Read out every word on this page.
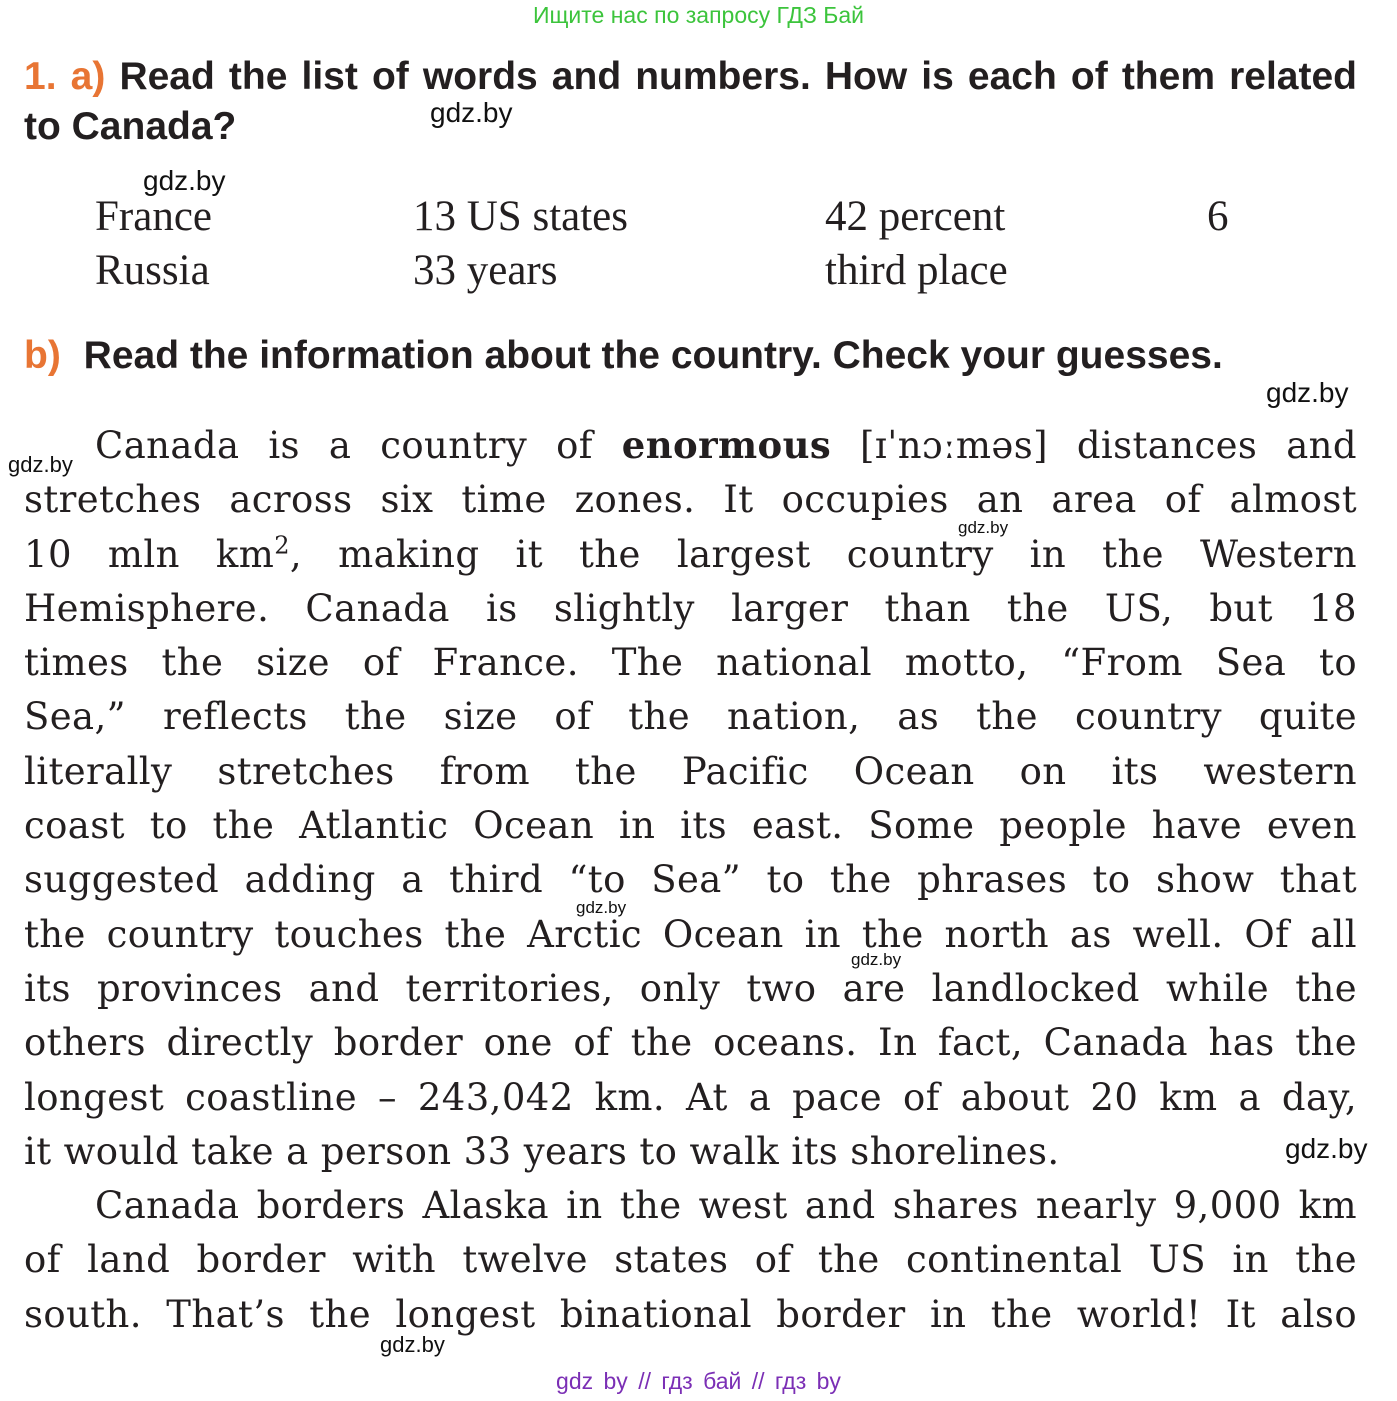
Ищите нас по запросу ГДЗ Бай
1. a) Read the list of words and numbers. How is each of them related to Canada?
France	13 US states	42 percent	6
Russia	33 years	third place
b) Read the information about the country. Check your guesses.
Canada is a country of enormous [ɪˈnɔːməs] distances and
stretches across six time zones. It occupies an area of almost
10 mln $km^2$, making it the largest country in the Western
Hemisphere. Canada is slightly larger than the US, but 18
times the size of France. The national motto, “From Sea to
Sea,” reflects the size of the nation, as the country quite
literally stretches from the Pacific Ocean on its western
coast to the Atlantic Ocean in its east. Some people have even
suggested adding a third “to Sea” to the phrases to show that
the country touches the Arctic Ocean in the north as well. Of all
its provinces and territories, only two are landlocked while the
others directly border one of the oceans. In fact, Canada has the
longest coastline – 243,042 km. At a pace of about 20 km a day,
it would take a person 33 years to walk its shorelines.
Canada borders Alaska in the west and shares nearly 9,000 km
of land border with twelve states of the continental US in the
south. That’s the longest binational border in the world! It also
gdz.by
gdz.by
gdz.by
gdz.by
gdz.by
gdz.by
gdz.by
gdz.by
gdz.by
gdz by // гдз бай // гдз by
